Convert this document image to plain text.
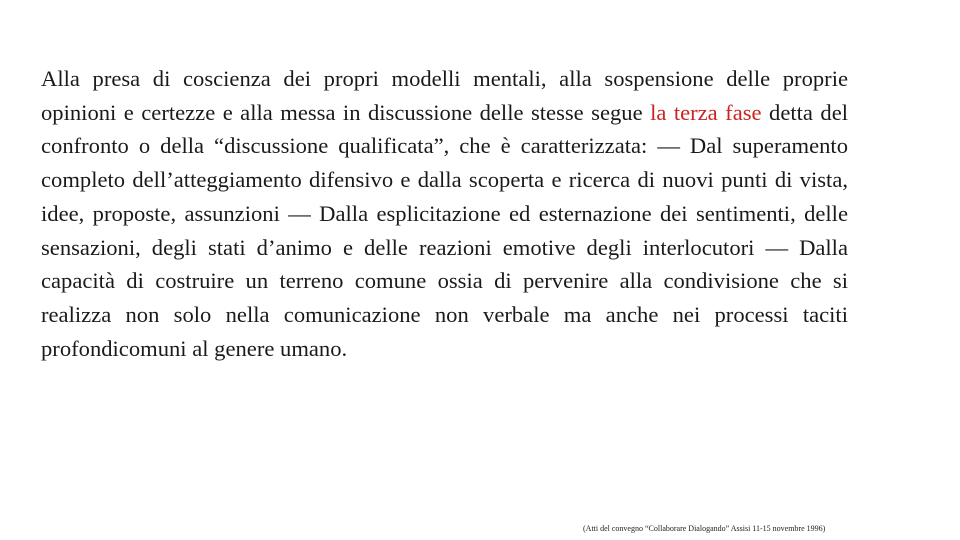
Alla presa di coscienza dei propri modelli mentali, alla sospensione delle proprie opinioni e certezze e alla messa in discussione delle stesse segue la terza fase detta del confronto o della “discussione qualificata”, che è caratterizzata: — Dal superamento completo dell’atteggiamento difensivo e dalla scoperta e ricerca di nuovi punti di vista, idee, proposte, assunzioni — Dalla esplicitazione ed esternazione dei sentimenti, delle sensazioni, degli stati d’animo e delle reazioni emotive degli interlocutori — Dalla capacità di costruire un terreno comune ossia di pervenire alla condivisione che si realizza non solo nella comunicazione non verbale ma anche nei processi taciti profondicomuni al genere umano.

(Atti del convegno “Collaborare Dialogando” Assisi 11-15 novembre 1996)
